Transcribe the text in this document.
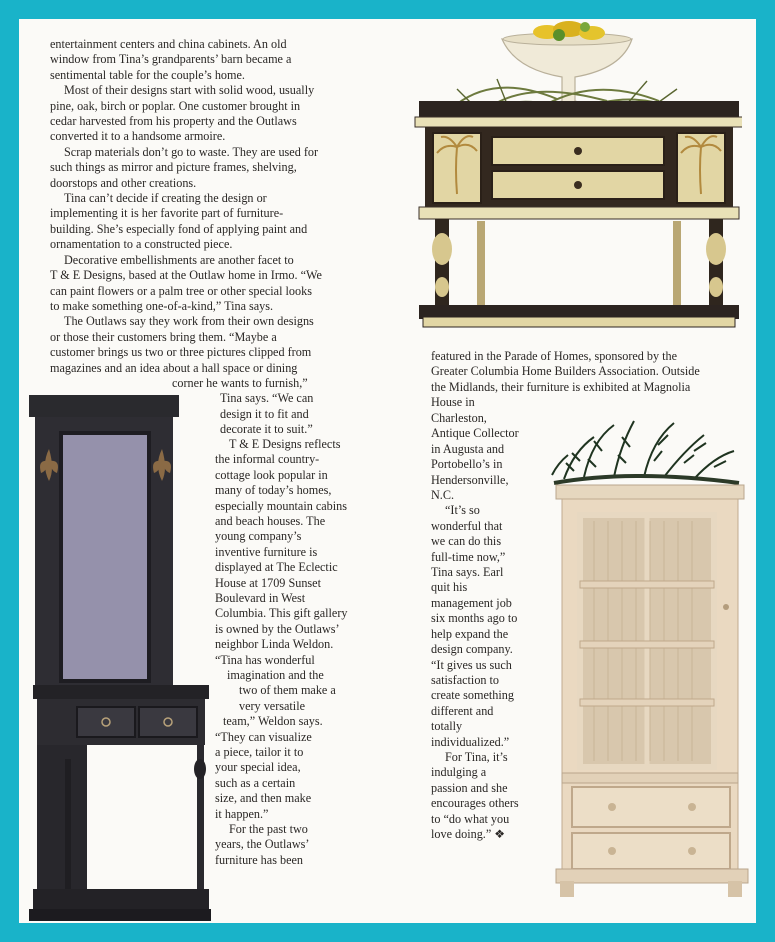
entertainment centers and china cabinets. An old
window from Tina’s grandparents’ barn became a
sentimental table for the couple’s home.
Most of their designs start with solid wood, usually
pine, oak, birch or poplar. One customer brought in
cedar harvested from his property and the Outlaws
converted it to a handsome armoire.
Scrap materials don’t go to waste. They are used for
such things as mirror and picture frames, shelving,
doorstops and other creations.
Tina can’t decide if creating the design or
implementing it is her favorite part of furniture-
building. She’s especially fond of applying paint and
ornamentation to a constructed piece.
Decorative embellishments are another facet to
T & E Designs, based at the Outlaw home in Irmo. “We
can paint flowers or a palm tree or other special looks
to make something one-of-a-kind,” Tina says.
The Outlaws say they work from their own designs
or those their customers bring them. “Maybe a
customer brings us two or three pictures clipped from
magazines and an idea about a hall space or dining
corner he wants to furnish,”
Tina says. “We can
design it to fit and
decorate it to suit.”
T & E Designs reflects
the informal country-
cottage look popular in
many of today’s homes,
especially mountain cabins
and beach houses. The
young company’s
inventive furniture is
displayed at The Eclectic
House at 1709 Sunset
Boulevard in West
Columbia. This gift gallery
is owned by the Outlaws’
neighbor Linda Weldon.
“Tina has wonderful
imagination and the
two of them make a
very versatile
team,” Weldon says.
“They can visualize
a piece, tailor it to
your special idea,
such as a certain
size, and then make
it happen.”
For the past two
years, the Outlaws’
furniture has been
featured in the Parade of Homes, sponsored by the
Greater Columbia Home Builders Association. Outside
the Midlands, their furniture is exhibited at Magnolia
House in
Charleston,
Antique Collector
in Augusta and
Portobello’s in
Hendersonville,
N.C.
“It’s so
wonderful that
we can do this
full-time now,”
Tina says. Earl
quit his
management job
six months ago to
help expand the
design company.
“It gives us such
satisfaction to
create something
different and
totally
individualized.”
For Tina, it’s
indulging a
passion and she
encourages others
to “do what you
love doing.” ❖
